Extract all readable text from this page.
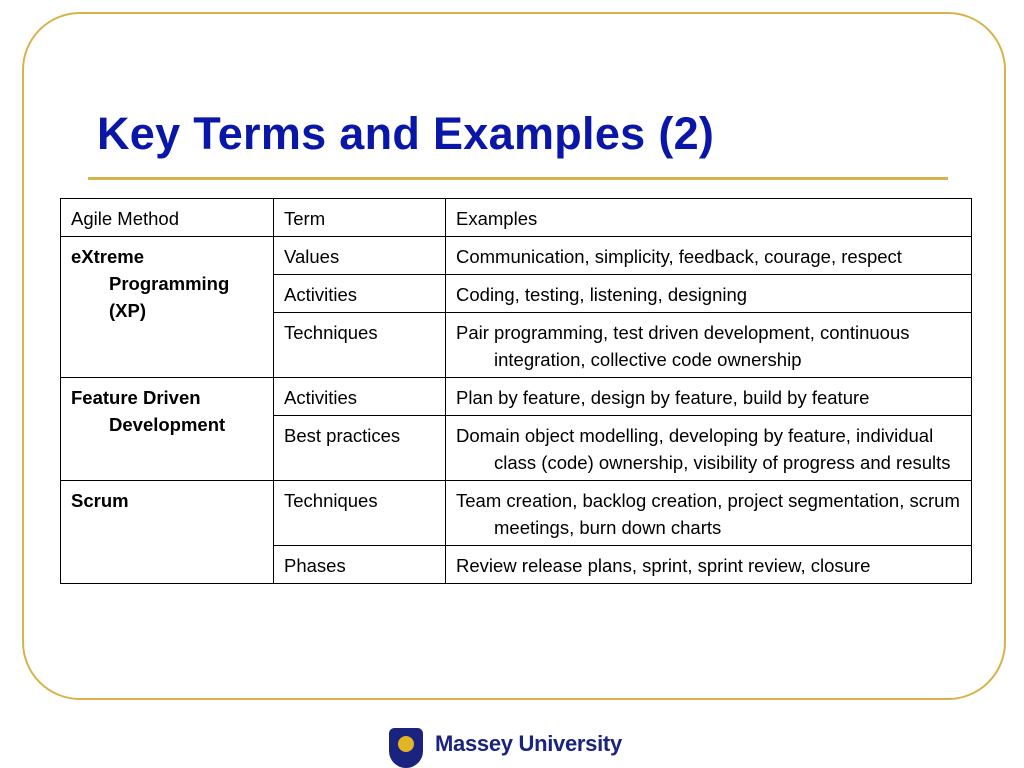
Key Terms and Examples (2)
Agile Method	Term	Examples

eXtreme Programming (XP)	Values	Communication, simplicity, feedback, courage, respect

	Activities	Coding, testing, listening, designing

	Techniques	Pair programming, test driven development, continuous integration, collective code ownership

Feature Driven Development	Activities	Plan by feature, design by feature, build by feature

	Best practices	Domain object modelling, developing by feature, individual class (code) ownership, visibility of progress and results

Scrum	Techniques	Team creation, backlog creation, project segmentation, scrum meetings, burn down charts

	Phases	Review release plans, sprint, sprint review, closure
Massey University
